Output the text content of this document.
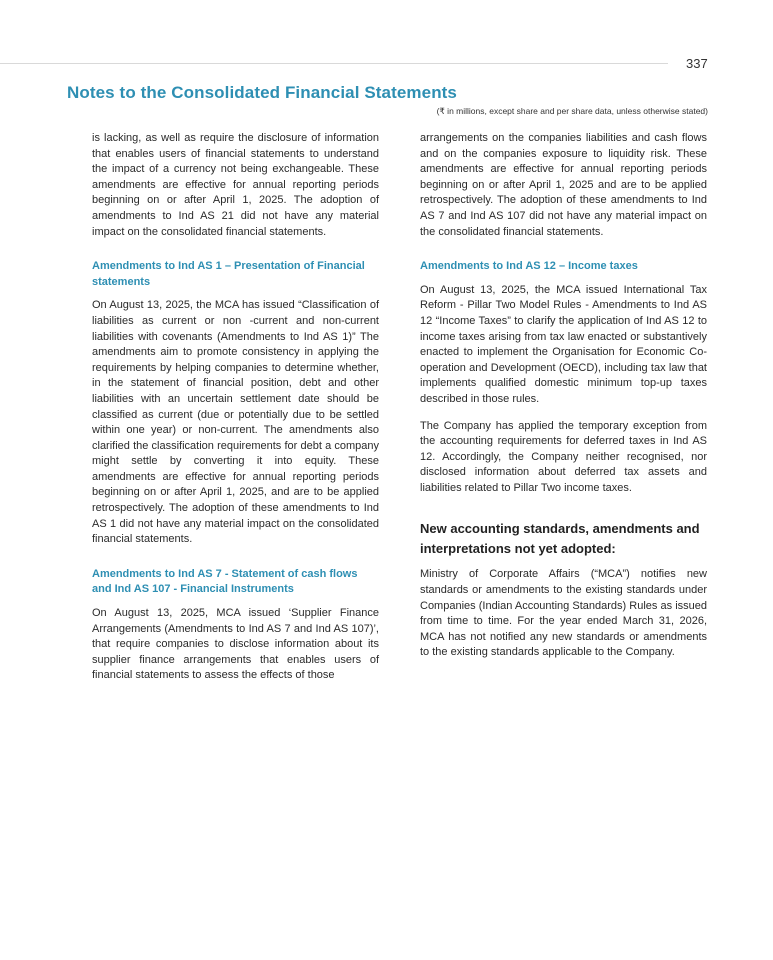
337
Notes to the Consolidated Financial Statements
(₹ in millions, except share and per share data, unless otherwise stated)

is lacking, as well as require the disclosure of information that enables users of financial statements to understand the impact of a currency not being exchangeable. These amendments are effective for annual reporting periods beginning on or after April 1, 2025. The adoption of amendments to Ind AS 21 did not have any material impact on the consolidated financial statements.

Amendments to Ind AS 1 – Presentation of Financial statements

On August 13, 2025, the MCA has issued “Classification of liabilities as current or non -current and non-current liabilities with covenants (Amendments to Ind AS 1)” The amendments aim to promote consistency in applying the requirements by helping companies to determine whether, in the statement of financial position, debt and other liabilities with an uncertain settlement date should be classified as current (due or potentially due to be settled within one year) or non-current. The amendments also clarified the classification requirements for debt a company might settle by converting it into equity. These amendments are effective for annual reporting periods beginning on or after April 1, 2025, and are to be applied retrospectively. The adoption of these amendments to Ind AS 1 did not have any material impact on the consolidated financial statements.

Amendments to Ind AS 7 - Statement of cash flows and Ind AS 107 - Financial Instruments

On August 13, 2025, MCA issued ‘Supplier Finance Arrangements (Amendments to Ind AS 7 and Ind AS 107)’, that require companies to disclose information about its supplier finance arrangements that enables users of financial statements to assess the effects of those

arrangements on the companies liabilities and cash flows and on the companies exposure to liquidity risk. These amendments are effective for annual reporting periods beginning on or after April 1, 2025 and are to be applied retrospectively. The adoption of these amendments to Ind AS 7 and Ind AS 107 did not have any material impact on the consolidated financial statements.

Amendments to Ind AS 12 – Income taxes

On August 13, 2025, the MCA issued International Tax Reform - Pillar Two Model Rules - Amendments to Ind AS 12 “Income Taxes” to clarify the application of Ind AS 12 to income taxes arising from tax law enacted or substantively enacted to implement the Organisation for Economic Co-operation and Development (OECD), including tax law that implements qualified domestic minimum top-up taxes described in those rules.

The Company has applied the temporary exception from the accounting requirements for deferred taxes in Ind AS 12. Accordingly, the Company neither recognised, nor disclosed information about deferred tax assets and liabilities related to Pillar Two income taxes.

New accounting standards, amendments and interpretations not yet adopted:

Ministry of Corporate Affairs (“MCA”) notifies new standards or amendments to the existing standards under Companies (Indian Accounting Standards) Rules as issued from time to time. For the year ended March 31, 2026, MCA has not notified any new standards or amendments to the existing standards applicable to the Company.
